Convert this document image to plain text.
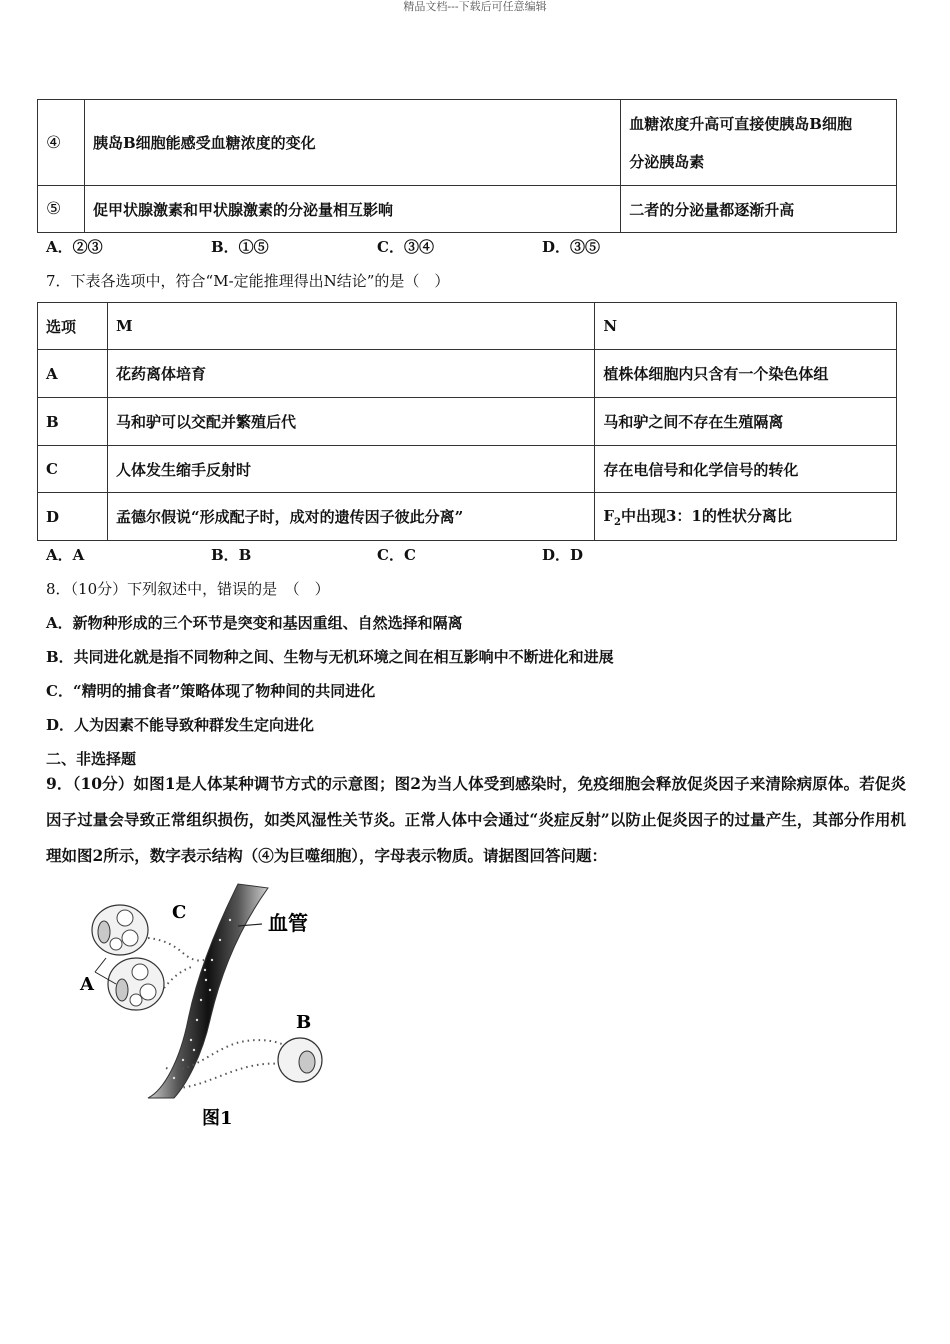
精品文档---下载后可任意编辑
④	胰岛B细胞能感受血糖浓度的变化	血糖浓度升高可直接使胰岛B细胞
分泌胰岛素

⑤	促甲状腺激素和甲状腺激素的分泌量相互影响	二者的分泌量都逐渐升高
A．②③	B．①⑤	C．③④	D．③⑤
7．下表各选项中，符合“M-定能推理得出N结论”的是（　）
选项	M	N
A	花药离体培育	植株体细胞内只含有一个染色体组
B	马和驴可以交配并繁殖后代	马和驴之间不存在生殖隔离
C	人体发生缩手反射时	存在电信号和化学信号的转化
D	孟德尔假说“形成配子时，成对的遗传因子彼此分离”	$F_2$中出现3：1的性状分离比
A．A	B．B	C．C	D．D
8．（10分）下列叙述中，错误的是　（　）
A．新物种形成的三个环节是突变和基因重组、自然选择和隔离
B．共同进化就是指不同物种之间、生物与无机环境之间在相互影响中不断进化和进展
C．“精明的捕食者”策略体现了物种间的共同进化
D．人为因素不能导致种群发生定向进化
二、非选择题
9．（10分）如图1是人体某种调节方式的示意图；图2为当人体受到感染时，免疫细胞会释放促炎因子来清除病原体。若促炎因子过量会导致正常组织损伤，如类风湿性关节炎。正常人体中会通过“炎症反射”以防止促炎因子的过量产生，其部分作用机理如图2所示，数字表示结构（④为巨噬细胞），字母表示物质。请据图回答问题：
C	血管
A
B
图1
